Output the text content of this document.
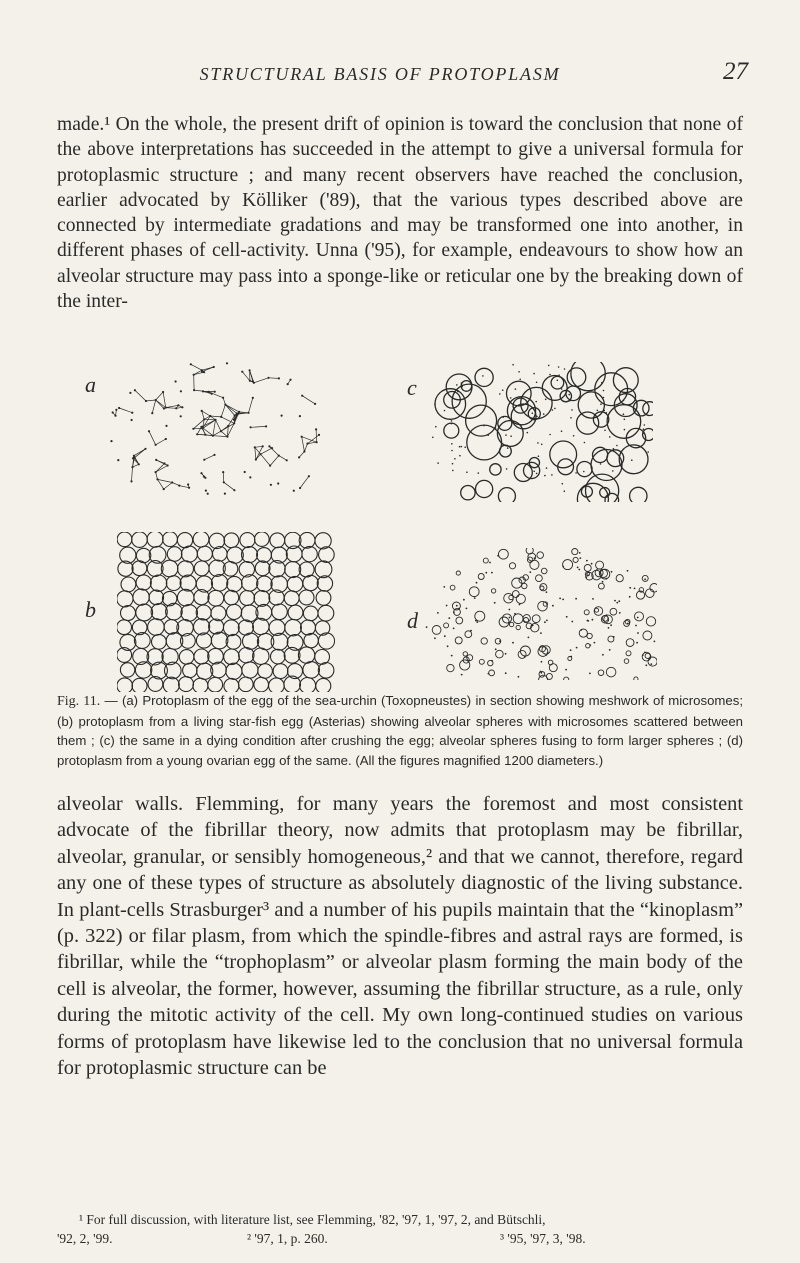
STRUCTURAL BASIS OF PROTOPLASM	27

made.¹ On the whole, the present drift of opinion is toward the conclusion that none of the above interpretations has succeeded in the attempt to give a universal formula for protoplasmic structure ; and many recent observers have reached the conclusion, earlier advocated by Kölliker ('89), that the various types described above are connected by intermediate gradations and may be transformed one into another, in different phases of cell-activity. Unna ('95), for example, endeavours to show how an alveolar structure may pass into a sponge-like or reticular one by the breaking down of the inter-

a
b
c
d
Fig. 11. — (a) Protoplasm of the egg of the sea-urchin (Toxopneustes) in section showing meshwork of microsomes; (b) protoplasm from a living star-fish egg (Asterias) showing alveolar spheres with microsomes scattered between them ; (c) the same in a dying condition after crushing the egg; alveolar spheres fusing to form larger spheres ; (d) protoplasm from a young ovarian egg of the same. (All the figures magnified 1200 diameters.)

alveolar walls. Flemming, for many years the foremost and most consistent advocate of the fibrillar theory, now admits that protoplasm may be fibrillar, alveolar, granular, or sensibly homogeneous,² and that we cannot, therefore, regard any one of these types of structure as absolutely diagnostic of the living substance. In plant-cells Strasburger³ and a number of his pupils maintain that the “kinoplasm” (p. 322) or filar plasm, from which the spindle-fibres and astral rays are formed, is fibrillar, while the “trophoplasm” or alveolar plasm forming the main body of the cell is alveolar, the former, however, assuming the fibrillar structure, as a rule, only during the mitotic activity of the cell. My own long-continued studies on various forms of protoplasm have likewise led to the conclusion that no universal formula for protoplasmic structure can be

¹ For full discussion, with literature list, see Flemming, '82, '97, 1, '97, 2, and Bütschli,
'92, 2, '99.	² '97, 1, p. 260.	³ '95, '97, 3, '98.
